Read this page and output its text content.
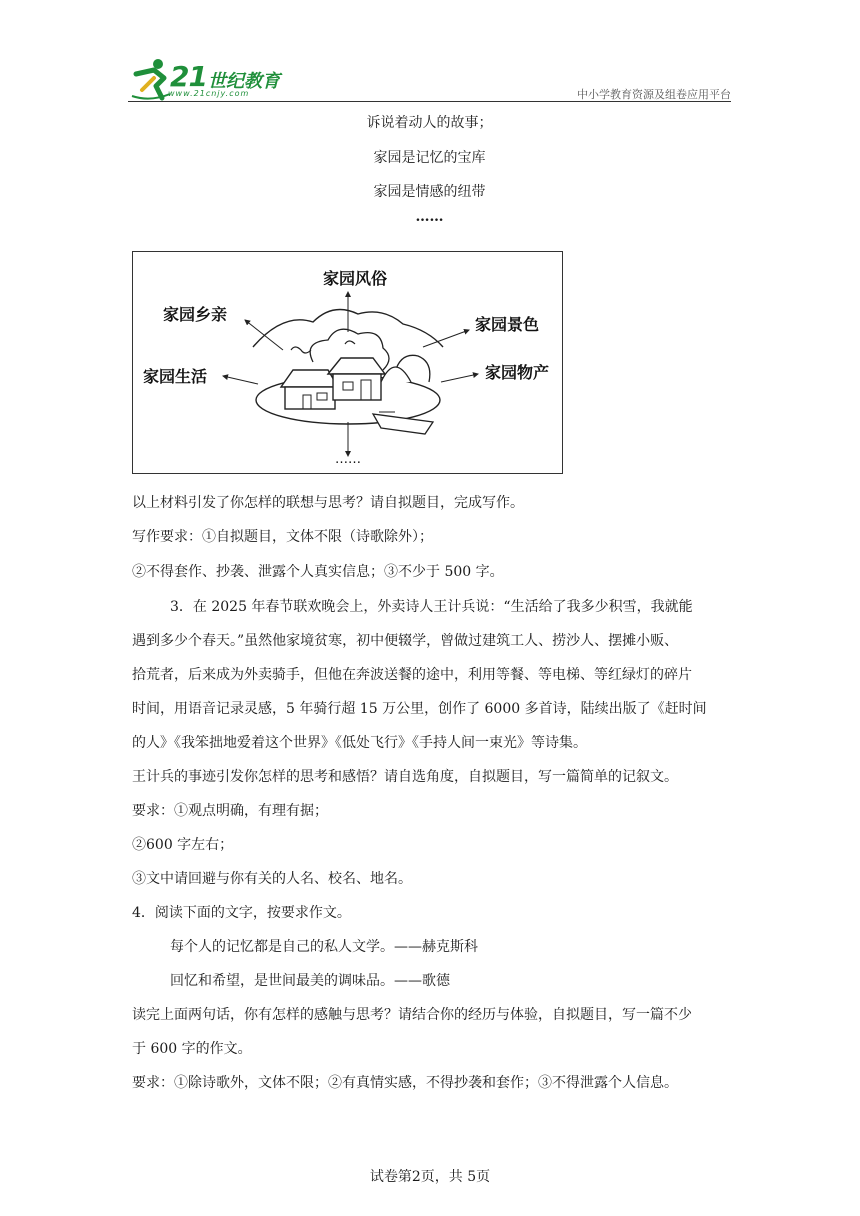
21 世纪教育
www.21cnjy.com	中小学教育资源及组卷应用平台
诉说着动人的故事；
家园是记忆的宝库
家园是情感的纽带
……
家园风俗
家园乡亲
家园景色
家园生活	家园物产
……
以上材料引发了你怎样的联想与思考？请自拟题目，完成写作。
写作要求：①自拟题目，文体不限（诗歌除外）；
②不得套作、抄袭、泄露个人真实信息；③不少于 500 字。
3．在 2025 年春节联欢晚会上，外卖诗人王计兵说：“生活给了我多少积雪，我就能
遇到多少个春天。”虽然他家境贫寒，初中便辍学，曾做过建筑工人、捞沙人、摆摊小贩、
拾荒者，后来成为外卖骑手，但他在奔波送餐的途中，利用等餐、等电梯、等红绿灯的碎片
时间，用语音记录灵感，5 年骑行超 15 万公里，创作了 6000 多首诗，陆续出版了《赶时间
的人》《我笨拙地爱着这个世界》《低处飞行》《手持人间一束光》等诗集。
王计兵的事迹引发你怎样的思考和感悟？请自选角度，自拟题目，写一篇简单的记叙文。
要求：①观点明确，有理有据；
②600 字左右；
③文中请回避与你有关的人名、校名、地名。
4．阅读下面的文字，按要求作文。
每个人的记忆都是自己的私人文学。——赫克斯科
回忆和希望，是世间最美的调味品。——歌德
读完上面两句话，你有怎样的感触与思考？请结合你的经历与体验，自拟题目，写一篇不少
于 600 字的作文。
要求：①除诗歌外，文体不限；②有真情实感，不得抄袭和套作；③不得泄露个人信息。
试卷第2页，共 5页
